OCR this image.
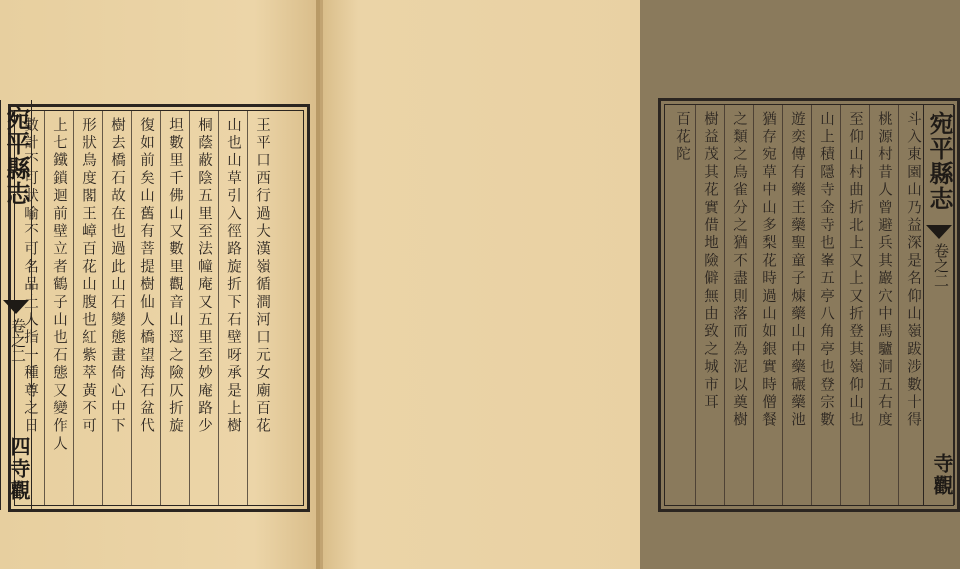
數計不可狀喻不可名品土人指一種尊之日 上七鐵鎖迴前壁立者鶴子山也石態又變作人 形狀鳥度閣王嶂百花山腹也紅紫萃黃不可 樹去橋石故在也過此山石變態畫倚心中下 復如前矣山舊有菩提樹仙人橋望海石盆代 坦數里千佛山又數里觀音山逕之險仄折旋 桐蔭蔽陰五里至法幢庵又五里至妙庵路少 山也山草引入徑路旋折下石壁呀承是上樹 王平口西行過大漢嶺循澗河口元女廟百花
宛平縣志
卷之二
四寺觀
百花陀 樹益茂其花實借地險僻無由致之城市耳 之類之鳥雀分之猶不盡則落而為泥以奠樹 猶存宛草中山多梨花時過山如銀實時僧餐 遊奕傳有藥王藥聖童子煉藥山中藥碾藥池 山上積隱寺金寺也峯五亭八角亭也登宗數 至仰山村曲折北上又上又折登其嶺仰山也 桃源村昔人曾避兵其巖穴中馬驢洞五右度 斗入東園山乃益深是名仰山嶺跋涉數十得 宛平縣志
卷之二
寺觀
